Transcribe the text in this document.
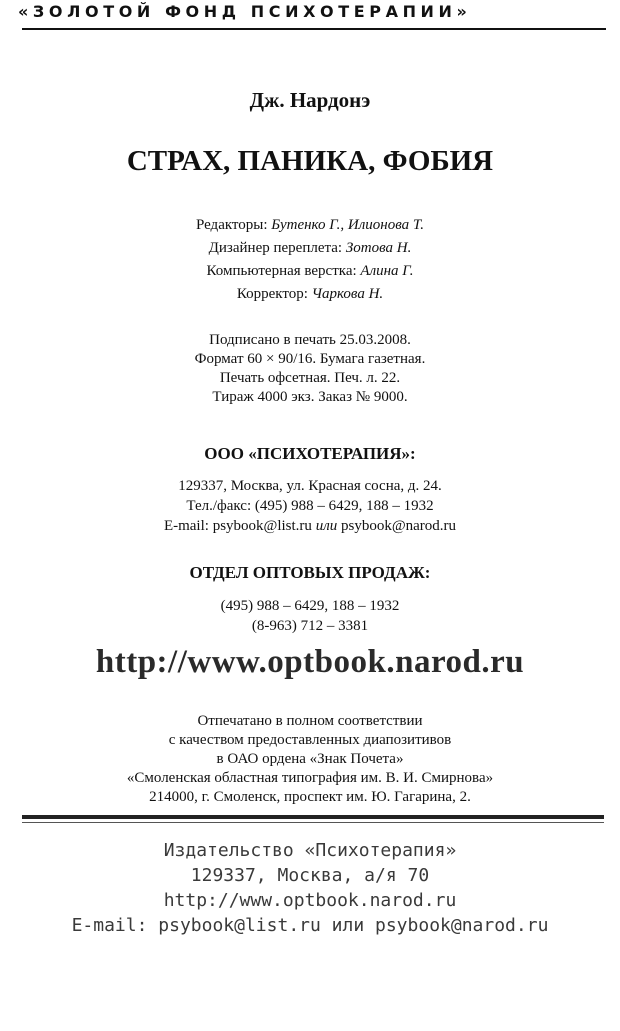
«ЗОЛОТОЙ ФОНД ПСИХОТЕРАПИИ»
Дж. Нардонэ
СТРАХ, ПАНИКА, ФОБИЯ
Редакторы: Бутенко Г., Илионова Т.
Дизайнер переплета: Зотова Н.
Компьютерная верстка: Алина Г.
Корректор: Чаркова Н.
Подписано в печать 25.03.2008.
Формат 60 × 90/16. Бумага газетная.
Печать офсетная. Печ. л. 22.
Тираж 4000 экз. Заказ № 9000.
ООО «ПСИХОТЕРАПИЯ»:
129337, Москва, ул. Красная сосна, д. 24.
Тел./факс: (495) 988 – 6429, 188 – 1932
E-mail: psybook@list.ru или psybook@narod.ru
ОТДЕЛ ОПТОВЫХ ПРОДАЖ:
(495) 988 – 6429, 188 – 1932
(8-963) 712 – 3381
http://www.optbook.narod.ru
Отпечатано в полном соответствии
с качеством предоставленных диапозитивов
в ОАО ордена «Знак Почета»
«Смоленская областная типография им. В. И. Смирнова»
214000, г. Смоленск, проспект им. Ю. Гагарина, 2.
Издательство «Психотерапия»
129337, Москва, а/я 70
http://www.optbook.narod.ru
E-mail: psybook@list.ru или psybook@narod.ru
